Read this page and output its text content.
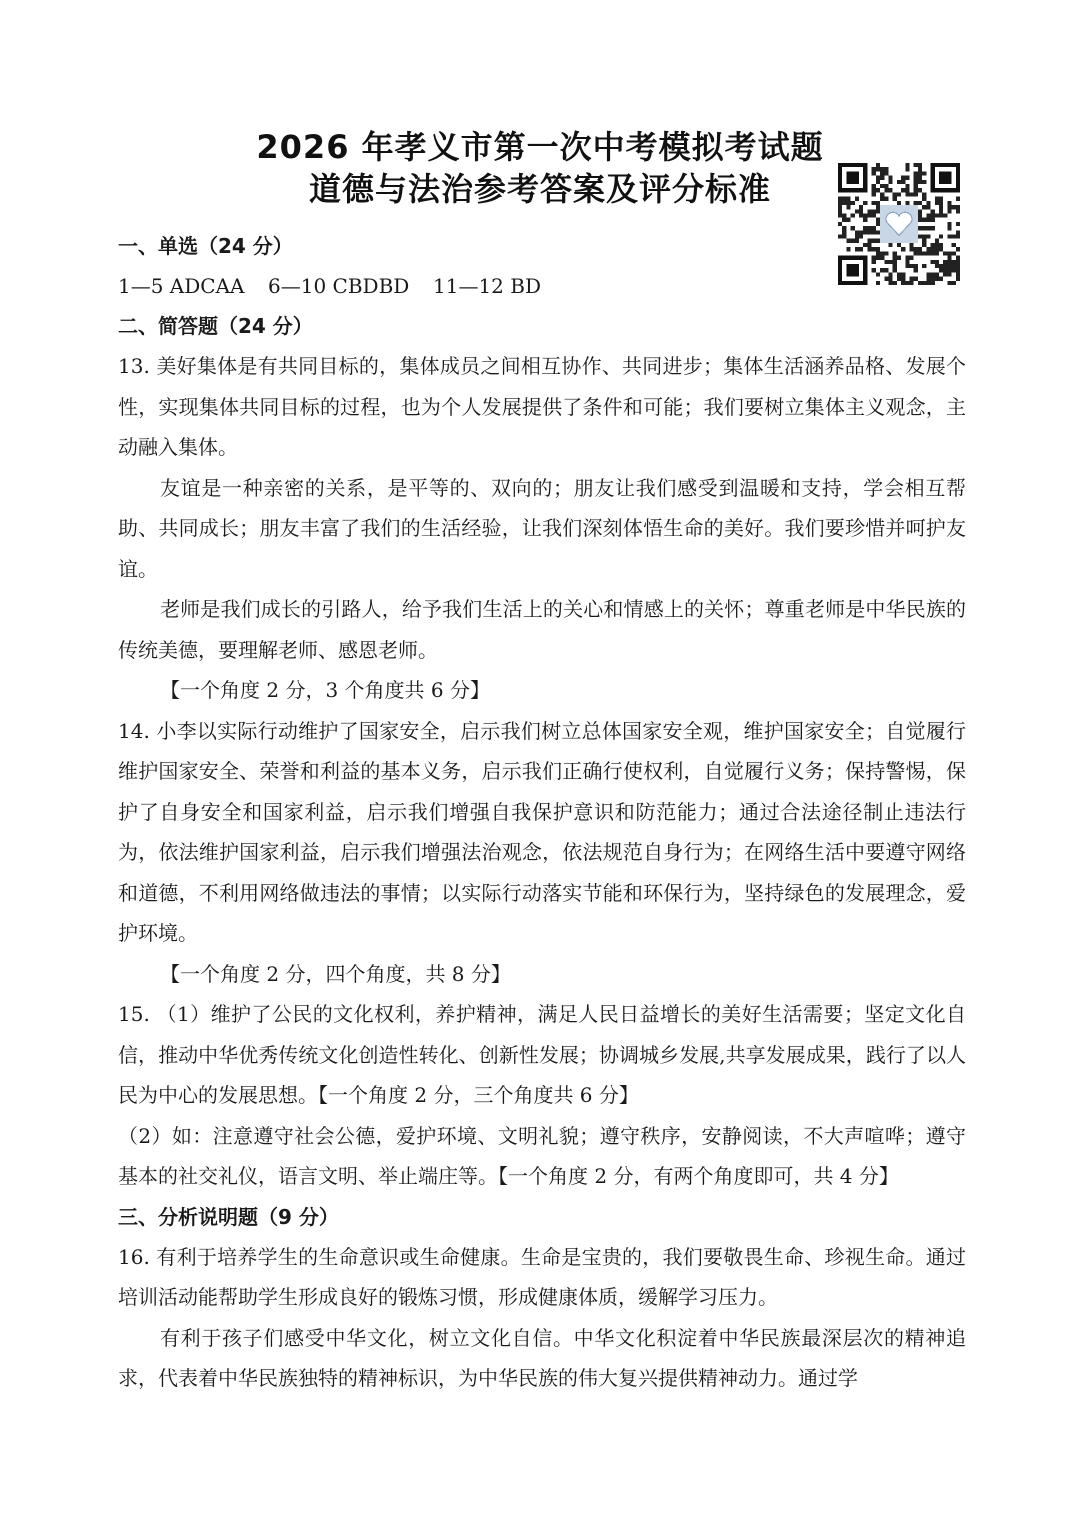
2026 年孝义市第一次中考模拟考试题
道德与法治参考答案及评分标准
一、单选（24 分）
1—5 ADCAA 6—10 CBDBD 11—12 BD
二、简答题（24 分）
13. 美好集体是有共同目标的，集体成员之间相互协作、共同进步；集体生活涵养品格、发展个性，实现集体共同目标的过程，也为个人发展提供了条件和可能；我们要树立集体主义观念，主动融入集体。
友谊是一种亲密的关系，是平等的、双向的；朋友让我们感受到温暖和支持，学会相互帮助、共同成长；朋友丰富了我们的生活经验，让我们深刻体悟生命的美好。我们要珍惜并呵护友谊。
老师是我们成长的引路人，给予我们生活上的关心和情感上的关怀；尊重老师是中华民族的传统美德，要理解老师、感恩老师。
【一个角度 2 分，3 个角度共 6 分】
14. 小李以实际行动维护了国家安全，启示我们树立总体国家安全观，维护国家安全；自觉履行维护国家安全、荣誉和利益的基本义务，启示我们正确行使权利，自觉履行义务；保持警惕，保护了自身安全和国家利益，启示我们增强自我保护意识和防范能力；通过合法途径制止违法行为，依法维护国家利益，启示我们增强法治观念，依法规范自身行为；在网络生活中要遵守网络和道德，不利用网络做违法的事情；以实际行动落实节能和环保行为，坚持绿色的发展理念，爱护环境。
【一个角度 2 分，四个角度，共 8 分】
15. （1）维护了公民的文化权利，养护精神，满足人民日益增长的美好生活需要；坚定文化自信，推动中华优秀传统文化创造性转化、创新性发展；协调城乡发展,共享发展成果，践行了以人民为中心的发展思想。【一个角度 2 分，三个角度共 6 分】
（2）如：注意遵守社会公德，爱护环境、文明礼貌；遵守秩序，安静阅读，不大声喧哗；遵守基本的社交礼仪，语言文明、举止端庄等。【一个角度 2 分，有两个角度即可，共 4 分】
三、分析说明题（9 分）
16. 有利于培养学生的生命意识或生命健康。生命是宝贵的，我们要敬畏生命、珍视生命。通过培训活动能帮助学生形成良好的锻炼习惯，形成健康体质，缓解学习压力。
有利于孩子们感受中华文化，树立文化自信。中华文化积淀着中华民族最深层次的精神追求，代表着中华民族独特的精神标识，为中华民族的伟大复兴提供精神动力。通过学
